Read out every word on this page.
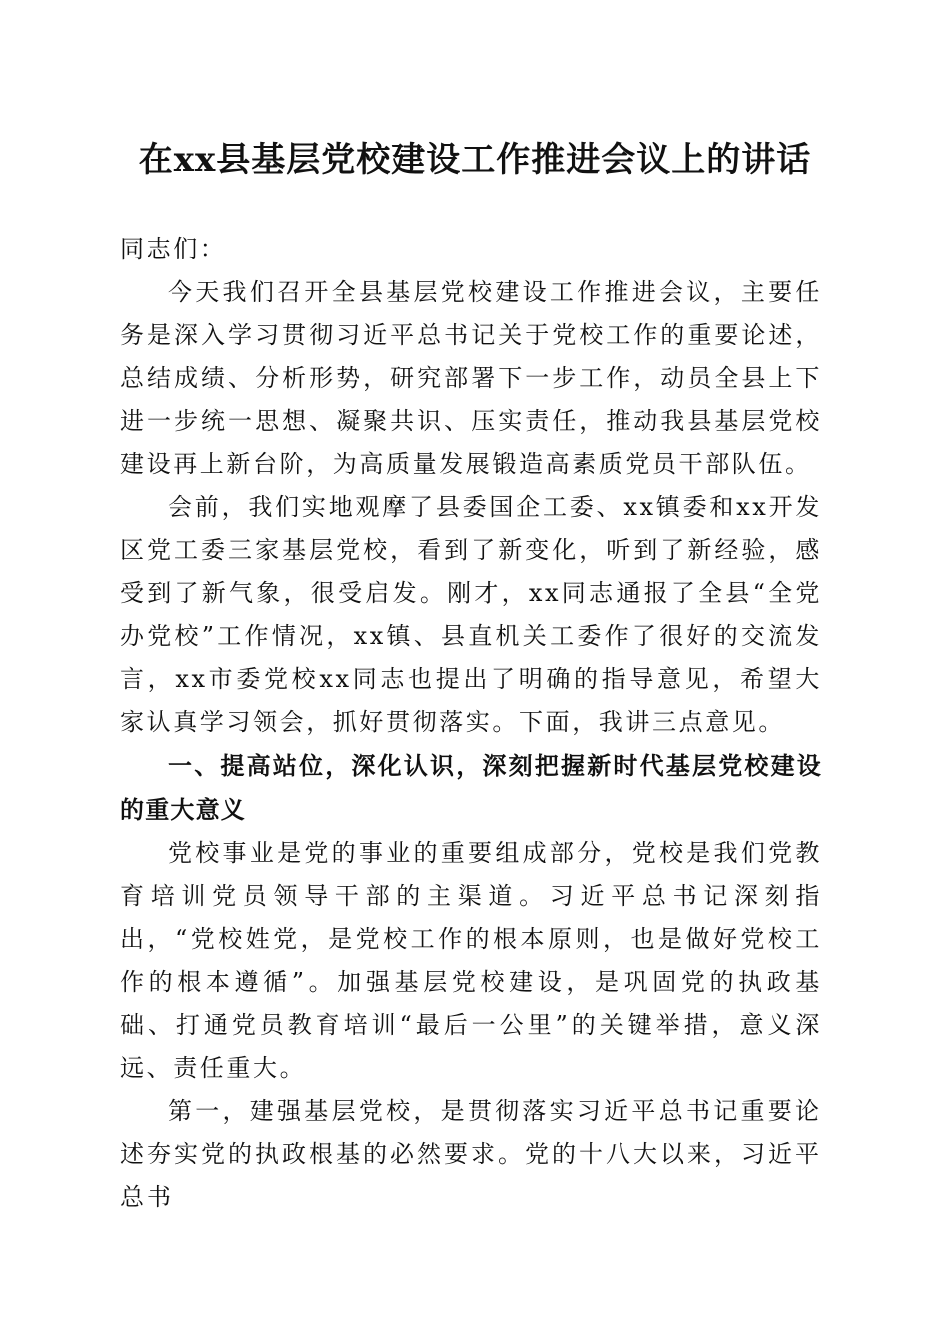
在xx县基层党校建设工作推进会议上的讲话

同志们：

今天我们召开全县基层党校建设工作推进会议，主要任务是深入学习贯彻习近平总书记关于党校工作的重要论述，总结成绩、分析形势，研究部署下一步工作，动员全县上下进一步统一思想、凝聚共识、压实责任，推动我县基层党校建设再上新台阶，为高质量发展锻造高素质党员干部队伍。

会前，我们实地观摩了县委国企工委、xx镇委和xx开发区党工委三家基层党校，看到了新变化，听到了新经验，感受到了新气象，很受启发。刚才，xx同志通报了全县“全党办党校”工作情况，xx镇、县直机关工委作了很好的交流发言，xx市委党校xx同志也提出了明确的指导意见，希望大家认真学习领会，抓好贯彻落实。下面，我讲三点意见。

一、提高站位，深化认识，深刻把握新时代基层党校建设的重大意义

党校事业是党的事业的重要组成部分，党校是我们党教育培训党员领导干部的主渠道。习近平总书记深刻指出，“党校姓党，是党校工作的根本原则，也是做好党校工作的根本遵循”。加强基层党校建设，是巩固党的执政基础、打通党员教育培训“最后一公里”的关键举措，意义深远、责任重大。

第一，建强基层党校，是贯彻落实习近平总书记重要论述夯实党的执政根基的必然要求。党的十八大以来，习近平总书
